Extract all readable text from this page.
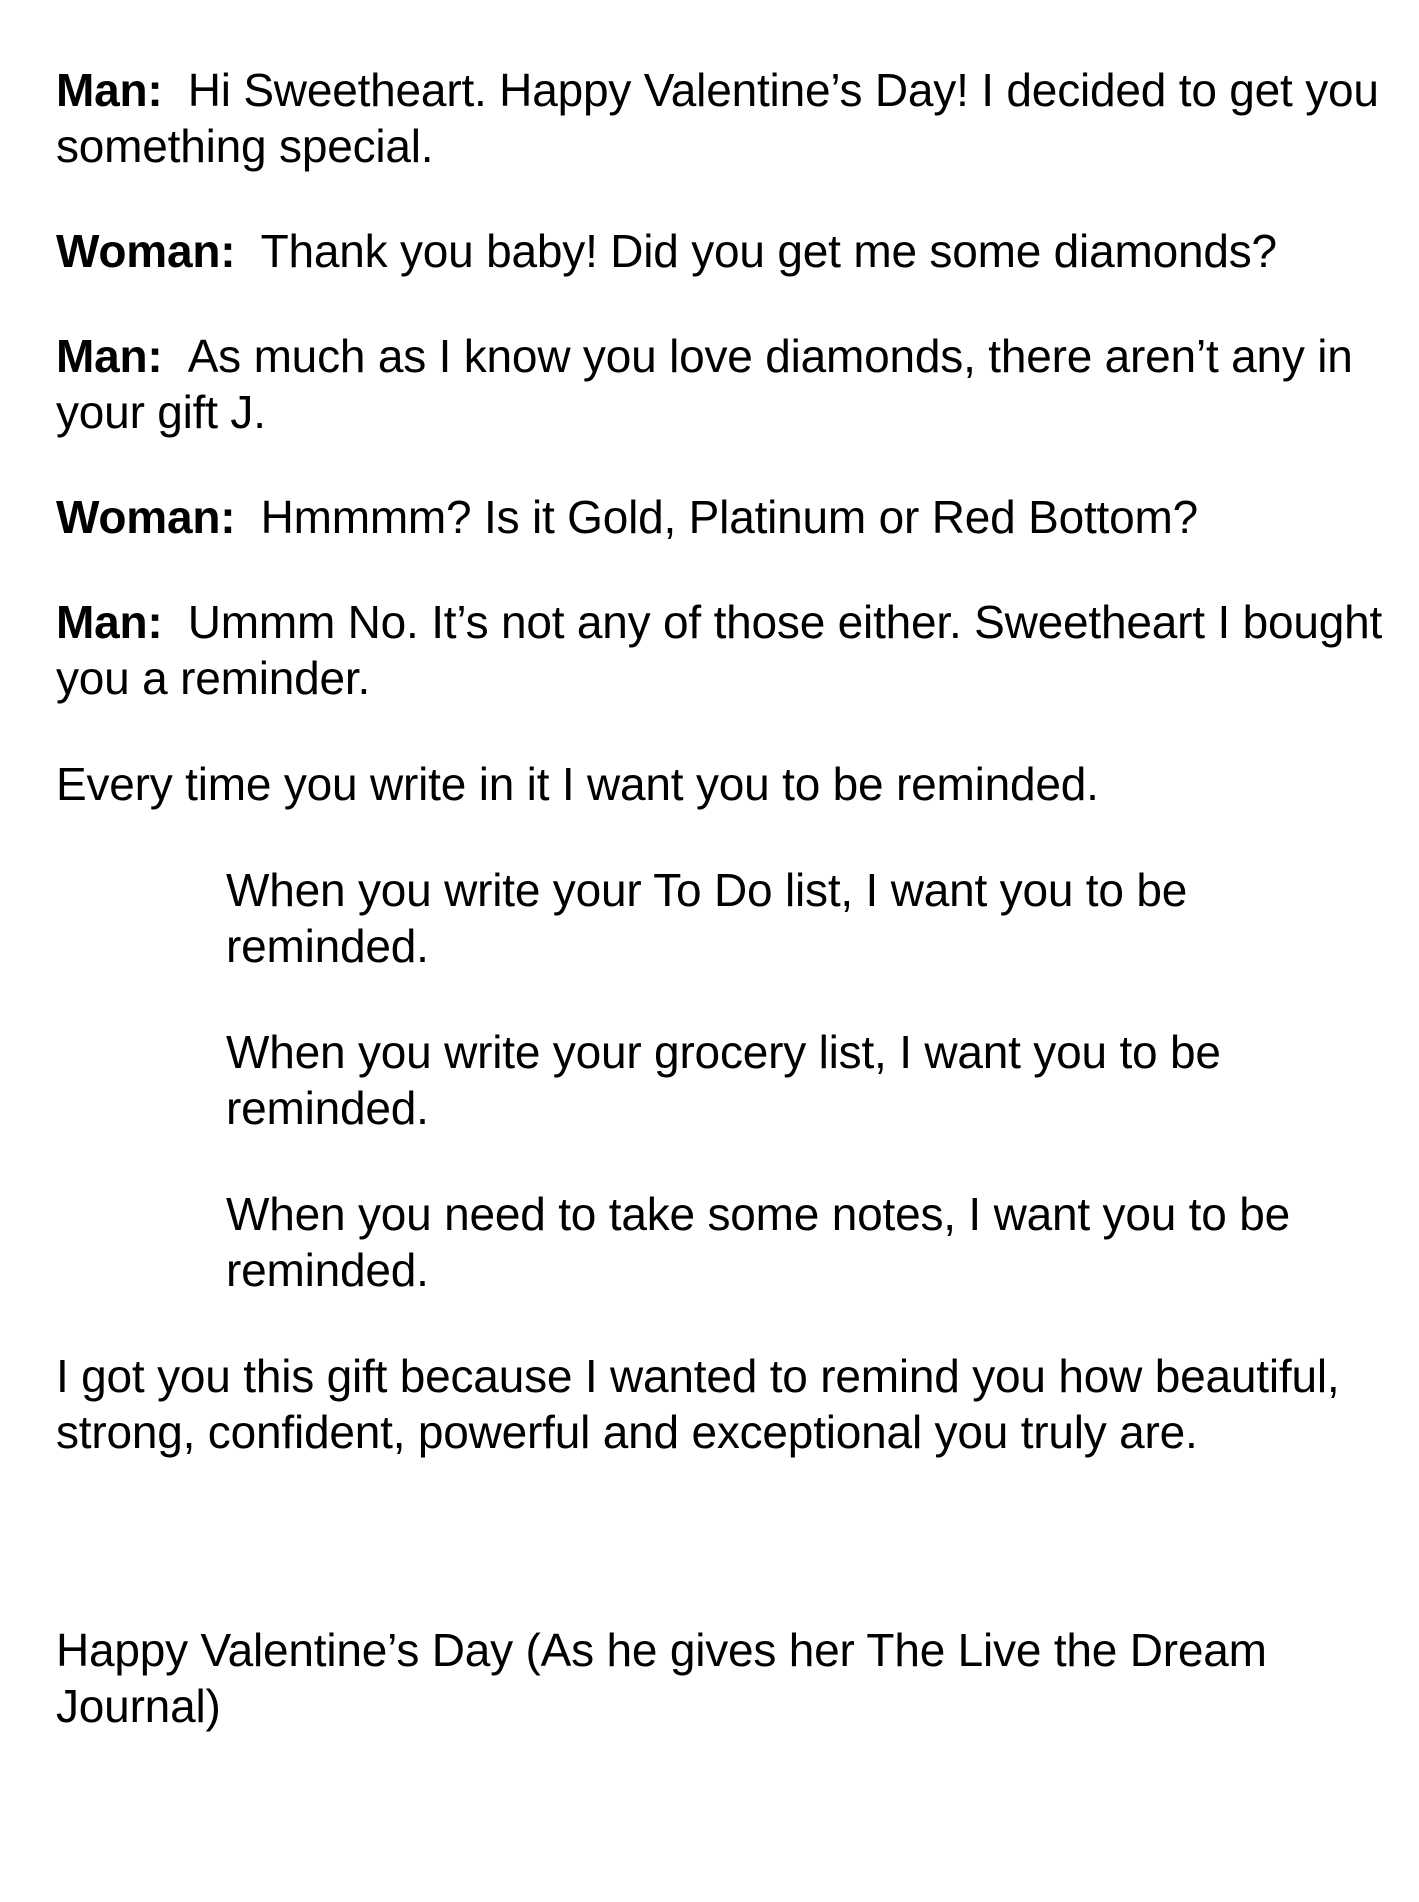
Man: Hi Sweetheart. Happy Valentine’s Day! I decided to get you something special.

Woman: Thank you baby! Did you get me some diamonds?

Man: As much as I know you love diamonds, there aren’t any in your gift J.

Woman: Hmmmm? Is it Gold, Platinum or Red Bottom?

Man: Ummm No. It’s not any of those either. Sweetheart I bought you a reminder.

Every time you write in it I want you to be reminded.

When you write your To Do list, I want you to be reminded.

When you write your grocery list, I want you to be reminded.

When you need to take some notes, I want you to be reminded.

I got you this gift because I wanted to remind you how beautiful, strong, confident, powerful and exceptional you truly are.

Happy Valentine’s Day (As he gives her The Live the Dream Journal)
